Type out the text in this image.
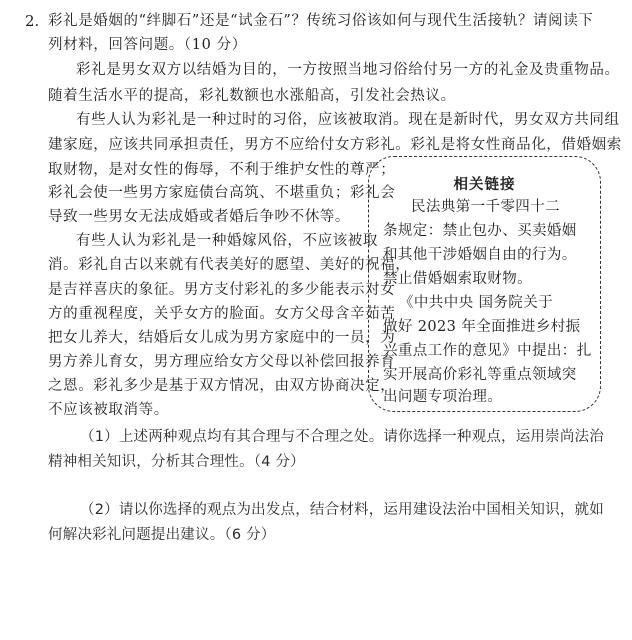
2. 彩礼是婚姻的“绊脚石”还是“试金石”？传统习俗该如何与现代生活接轨？请阅读下
列材料，回答问题。（10 分）
彩礼是男女双方以结婚为目的，一方按照当地习俗给付另一方的礼金及贵重物品。
随着生活水平的提高，彩礼数额也水涨船高，引发社会热议。
有些人认为彩礼是一种过时的习俗，应该被取消。现在是新时代，男女双方共同组
建家庭，应该共同承担责任，男方不应给付女方彩礼。彩礼是将女性商品化，借婚姻索
取财物，是对女性的侮辱，不利于维护女性的尊严；
彩礼会使一些男方家庭债台高筑、不堪重负；彩礼会
导致一些男女无法成婚或者婚后争吵不休等。
有些人认为彩礼是一种婚嫁风俗，不应该被取
消。彩礼自古以来就有代表美好的愿望、美好的祝福，
是吉祥喜庆的象征。男方支付彩礼的多少能表示对女
方的重视程度，关乎女方的脸面。女方父母含辛茹苦
把女儿养大，结婚后女儿成为男方家庭中的一员，为
男方养儿育女，男方理应给女方父母以补偿回报养育
之恩。彩礼多少是基于双方情况，由双方协商决定，
不应该被取消等。
相关链接
民法典第一千零四十二
条规定：禁止包办、买卖婚姻
和其他干涉婚姻自由的行为。
禁止借婚姻索取财物。
《中共中央 国务院关于
做好 2023 年全面推进乡村振
兴重点工作的意见》中提出：扎
实开展高价彩礼等重点领域突
出问题专项治理。
（1）上述两种观点均有其合理与不合理之处。请你选择一种观点，运用崇尚法治
精神相关知识，分析其合理性。（4 分）
（2）请以你选择的观点为出发点，结合材料，运用建设法治中国相关知识，就如
何解决彩礼问题提出建议。（6 分）
